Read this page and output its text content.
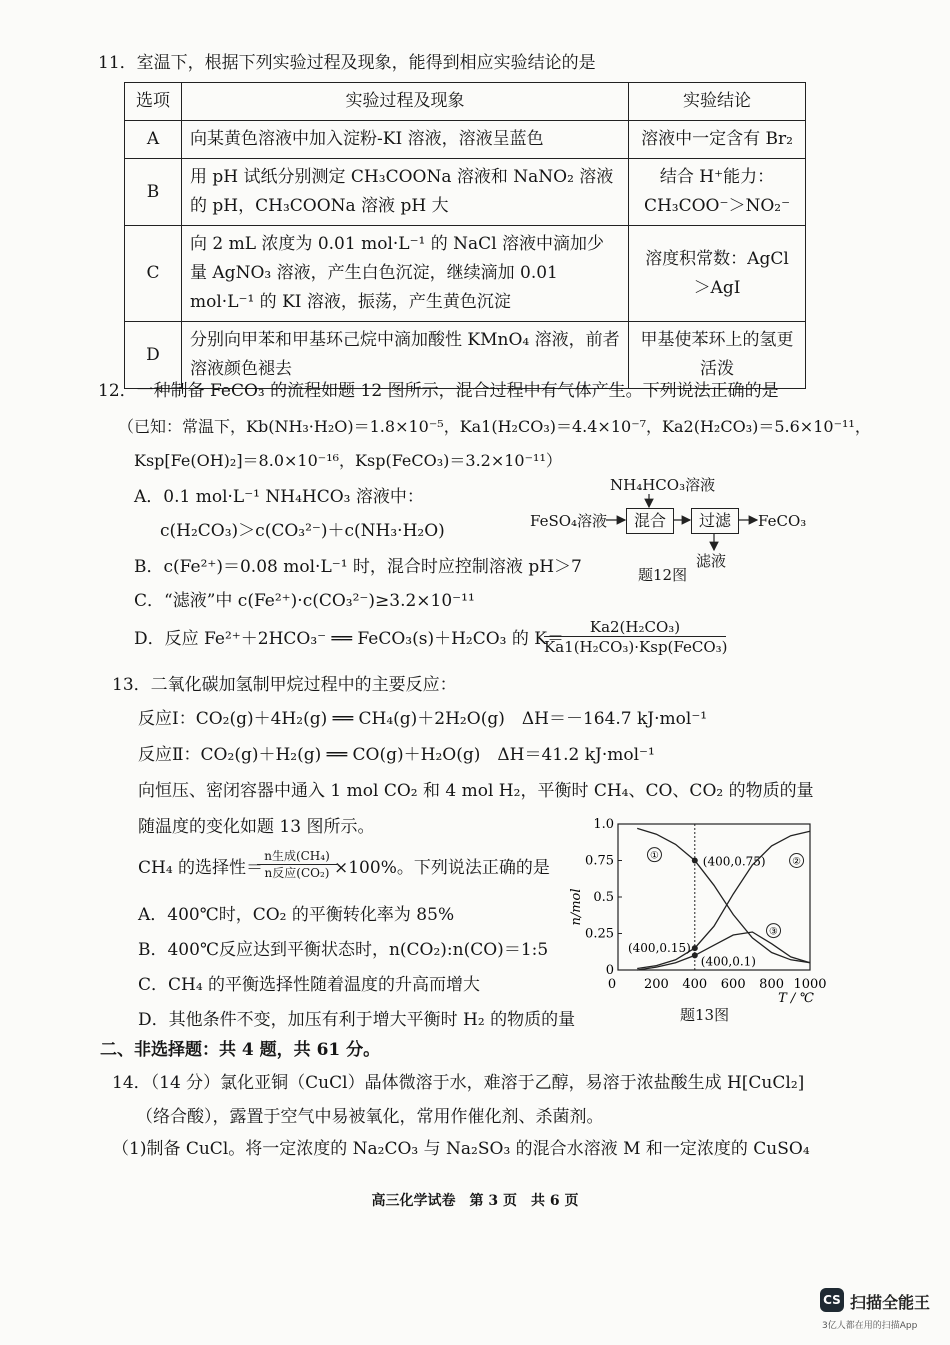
11．室温下，根据下列实验过程及现象，能得到相应实验结论的是
选项	实验过程及现象	实验结论
A	向某黄色溶液中加入淀粉-KI 溶液，溶液呈蓝色	溶液中一定含有 Br₂
B	用 pH 试纸分别测定 CH₃COONa 溶液和 NaNO₂ 溶液的 pH，CH₃COONa 溶液 pH 大	结合 H⁺能力：CH₃COO⁻＞NO₂⁻
C	向 2 mL 浓度为 0.01 mol·L⁻¹ 的 NaCl 溶液中滴加少量 AgNO₃ 溶液，产生白色沉淀，继续滴加 0.01 mol·L⁻¹ 的 KI 溶液，振荡，产生黄色沉淀	溶度积常数：AgCl＞AgI
D	分别向甲苯和甲基环己烷中滴加酸性 KMnO₄ 溶液，前者溶液颜色褪去	甲基使苯环上的氢更活泼
12．一种制备 FeCO₃ 的流程如题 12 图所示，混合过程中有气体产生。下列说法正确的是
（已知：常温下，Kb(NH₃·H₂O)＝1.8×10⁻⁵，Ka1(H₂CO₃)＝4.4×10⁻⁷，Ka2(H₂CO₃)＝5.6×10⁻¹¹，
Ksp[Fe(OH)₂]＝8.0×10⁻¹⁶，Ksp(FeCO₃)＝3.2×10⁻¹¹）
A．0.1 mol·L⁻¹ NH₄HCO₃ 溶液中：
c(H₂CO₃)＞c(CO₃²⁻)＋c(NH₃·H₂O)
B．c(Fe²⁺)＝0.08 mol·L⁻¹ 时，混合时应控制溶液 pH＞7
C．“滤液”中 c(Fe²⁺)·c(CO₃²⁻)≥3.2×10⁻¹¹
D．反应 Fe²⁺＋2HCO₃⁻ ══ FeCO₃(s)＋H₂CO₃ 的 K＝
Ka2(H₂CO₃)
Ka1(H₂CO₃)·Ksp(FeCO₃)
NH₄HCO₃溶液
FeSO₄溶液	混合	过滤	FeCO₃
滤液
题12图
13．二氧化碳加氢制甲烷过程中的主要反应：
反应Ⅰ：CO₂(g)＋4H₂(g) ══ CH₄(g)＋2H₂O(g)　ΔH＝－164.7 kJ·mol⁻¹
反应Ⅱ：CO₂(g)＋H₂(g) ══ CO(g)＋H₂O(g)　ΔH＝41.2 kJ·mol⁻¹
向恒压、密闭容器中通入 1 mol CO₂ 和 4 mol H₂，平衡时 CH₄、CO、CO₂ 的物质的量
随温度的变化如题 13 图所示。
CH₄ 的选择性＝
n生成(CH₄)
n反应(CO₂) ×100%。下列说法正确的是
A．400℃时，CO₂ 的平衡转化率为 85%
B．400℃反应达到平衡状态时，n(CO₂):n(CO)＝1:5
C．CH₄ 的平衡选择性随着温度的升高而增大
D．其他条件不变，加压有利于增大平衡时 H₂ 的物质的量
0 200 400 600 800 1000
0
0.25
0.5
0.75
1.0
n/mol
T / ℃
①
②
③
(400,0.75)
(400,0.15)
(400,0.1)
题13图
二、非选择题：共 4 题，共 61 分。
14．（14 分）氯化亚铜（CuCl）晶体微溶于水，难溶于乙醇，易溶于浓盐酸生成 H[CuCl₂]
（络合酸），露置于空气中易被氧化，常用作催化剂、杀菌剂。
（1)制备 CuCl。将一定浓度的 Na₂CO₃ 与 Na₂SO₃ 的混合水溶液 M 和一定浓度的 CuSO₄
高三化学试卷　第 3 页　共 6 页
CS 扫描全能王
3亿人都在用的扫描App
